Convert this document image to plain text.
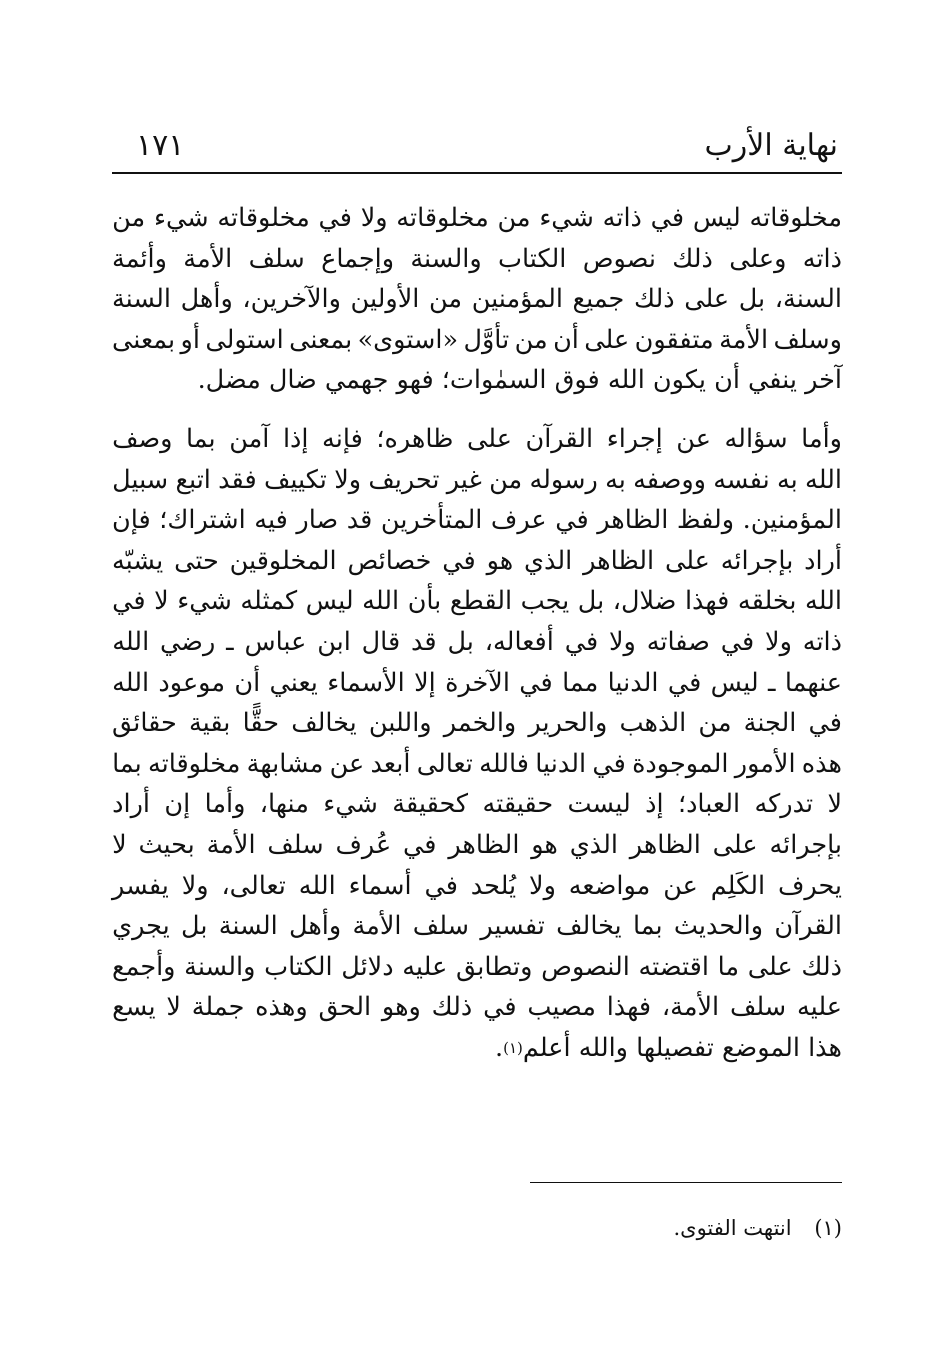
نهاية الأرب
١٧١
مخلوقاته
ليس
في
ذاته
شيء
من
مخلوقاته
ولا
في
مخلوقاته
شيء
من
ذاته
وعلى
ذلك
نصوص
الكتاب
والسنة
وإجماع
سلف
الأمة
وأئمة
السنة،
بل
على
ذلك
جميع
المؤمنين
من
الأولين
والآخرين،
وأهل
السنة
وسلف
الأمة
متفقون
على
أن
من
تأوَّل
«استوى»
بمعنى
استولى
أو
بمعنى
آخر ينفي أن يكون الله فوق السمٰوات؛ فهو جهمي ضال مضل.
وأما
سؤاله
عن
إجراء
القرآن
على
ظاهره؛
فإنه
إذا
آمن
بما
وصف
الله
به
نفسه
ووصفه
به
رسوله
من
غير
تحريف
ولا
تكييف
فقد
اتبع
سبيل
المؤمنين.
ولفظ
الظاهر
في
عرف
المتأخرين
قد
صار
فيه
اشتراك؛
فإن
أراد
بإجرائه
على
الظاهر
الذي
هو
في
خصائص
المخلوقين
حتى
يشبّه
الله
بخلقه
فهذا
ضلال،
بل
يجب
القطع
بأن
الله
ليس
كمثله
شيء
لا
في
ذاته
ولا
في
صفاته
ولا
في
أفعاله،
بل
قد
قال
ابن
عباس
ـ
رضي
الله
عنهما
ـ
ليس
في
الدنيا
مما
في
الآخرة
إلا
الأسماء
يعني
أن
موعود
الله
في
الجنة
من
الذهب
والحرير
والخمر
واللبن
يخالف
حقًّا
بقية
حقائق
هذه
الأمور
الموجودة
في
الدنيا
فالله
تعالى
أبعد
عن
مشابهة
مخلوقاته
بما
لا
تدركه
العباد؛
إذ
ليست
حقيقته
كحقيقة
شيء
منها،
وأما
إن
أراد
بإجرائه
على
الظاهر
الذي
هو
الظاهر
في
عُرف
سلف
الأمة
بحيث
لا
يحرف
الكَلِم
عن
مواضعه
ولا
يُلحد
في
أسماء
الله
تعالى،
ولا
يفسر
القرآن
والحديث
بما
يخالف
تفسير
سلف
الأمة
وأهل
السنة
بل
يجري
ذلك
على
ما
اقتضته
النصوص
وتطابق
عليه
دلائل
الكتاب
والسنة
وأجمع
عليه
سلف
الأمة،
فهذا
مصيب
في
ذلك
وهو
الحق
وهذه
جملة
لا
يسع
هذا الموضع تفصيلها والله أعلم
(١)
.
(١) انتهت الفتوى.
